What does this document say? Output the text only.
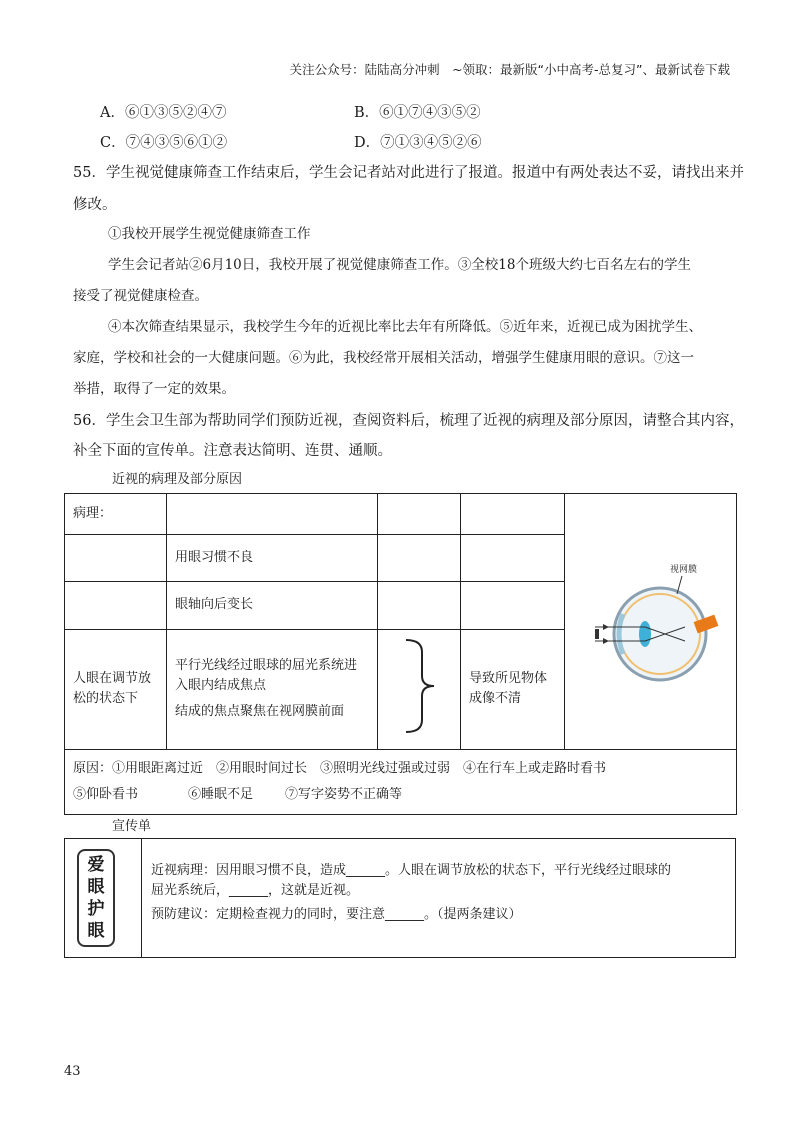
关注公众号：陆陆高分冲刺　~领取：最新版“小中高考-总复习”、最新试卷下载
A．⑥①③⑤②④⑦	B．⑥①⑦④③⑤②
C．⑦④③⑤⑥①②	D．⑦①③④⑤②⑥
55．学生视觉健康筛查工作结束后，学生会记者站对此进行了报道。报道中有两处表达不妥，请找出来并
修改。
①我校开展学生视觉健康筛查工作
学生会记者站②6月10日，我校开展了视觉健康筛查工作。③全校18个班级大约七百名左右的学生
接受了视觉健康检查。
④本次筛查结果显示，我校学生今年的近视比率比去年有所降低。⑤近年来，近视已成为困扰学生、
家庭，学校和社会的一大健康问题。⑥为此，我校经常开展相关活动，增强学生健康用眼的意识。⑦这一
举措，取得了一定的效果。
56．学生会卫生部为帮助同学们预防近视，查阅资料后，梳理了近视的病理及部分原因，请整合其内容，
补全下面的宣传单。注意表达简明、连贯、通顺。
近视的病理及部分原因
病理：				视网膜

	用眼习惯不良			
	眼轴向后变长			
人眼在调节放松的状态下	平行光线经过眼球的屈光系统进入眼内结成焦点
结成的焦点聚焦在视网膜前面		导致所见物体成像不清	

原因：①用眼距离过近　②用眼时间过长　③照明光线过强或过弱　④在行车上或走路时看书
⑤仰卧看书 ⑥睡眠不足 ⑦写字姿势不正确等				
宣传单
爱
眼
护
眼
近视病理：因用眼习惯不良，造成______。人眼在调节放松的状态下，平行光线经过眼球的
屈光系统后，______，这就是近视。
预防建议：定期检查视力的同时，要注意______。（提两条建议）
43
